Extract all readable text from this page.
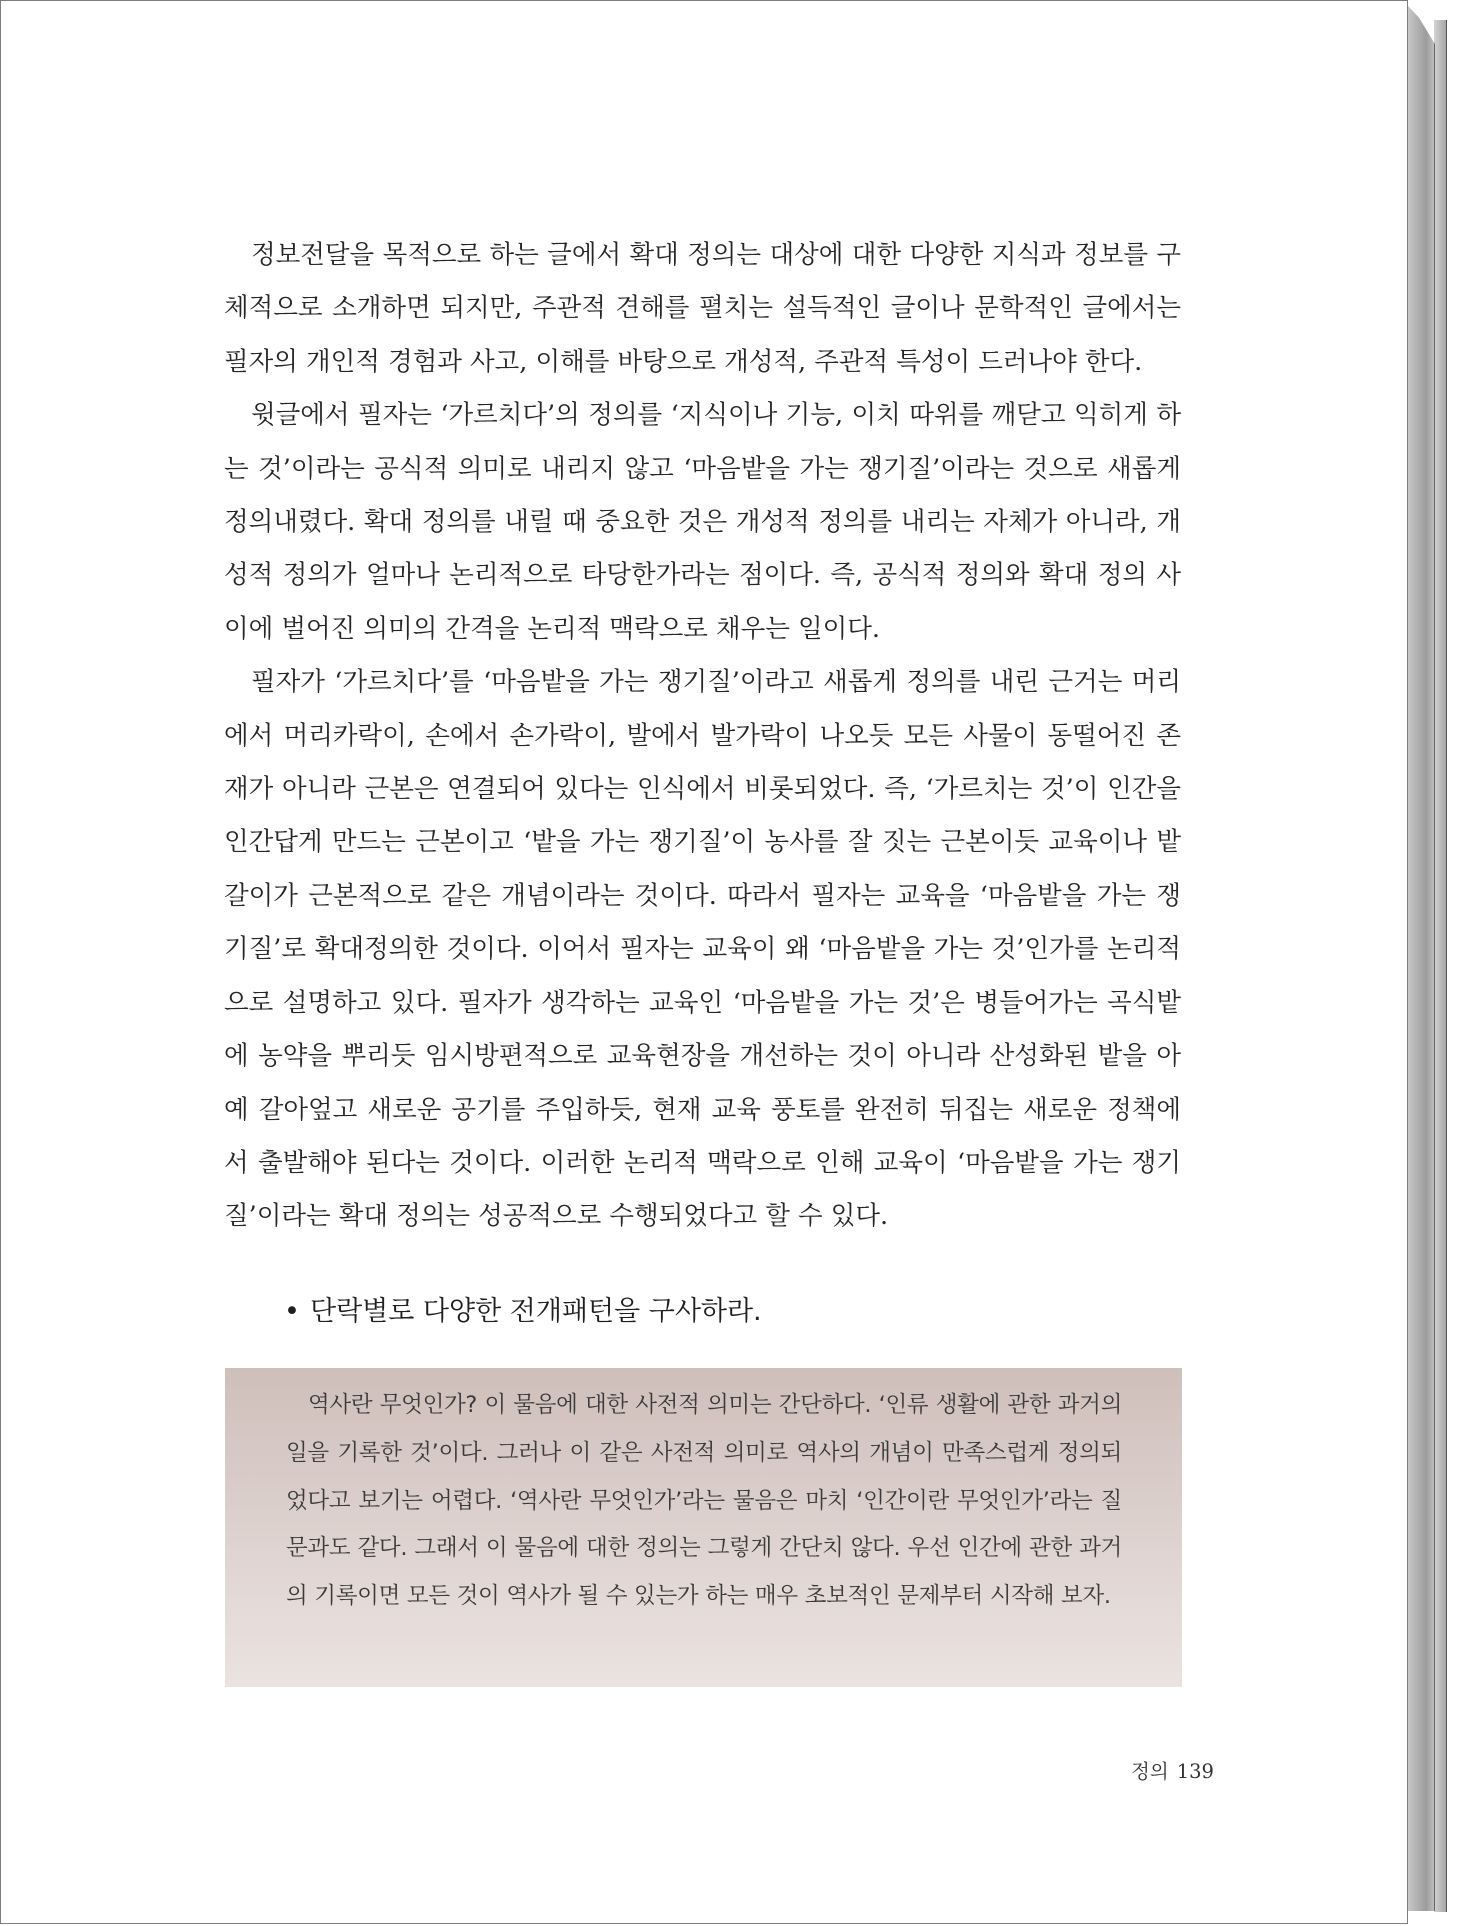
정보전달을 목적으로 하는 글에서 확대 정의는 대상에 대한 다양한 지식과 정보를 구체적으로 소개하면 되지만, 주관적 견해를 펼치는 설득적인 글이나 문학적인 글에서는 필자의 개인적 경험과 사고, 이해를 바탕으로 개성적, 주관적 특성이 드러나야 한다.

윗글에서 필자는 ‘가르치다’의 정의를 ‘지식이나 기능, 이치 따위를 깨닫고 익히게 하는 것’이라는 공식적 의미로 내리지 않고 ‘마음밭을 가는 쟁기질’이라는 것으로 새롭게 정의내렸다. 확대 정의를 내릴 때 중요한 것은 개성적 정의를 내리는 자체가 아니라, 개성적 정의가 얼마나 논리적으로 타당한가라는 점이다. 즉, 공식적 정의와 확대 정의 사이에 벌어진 의미의 간격을 논리적 맥락으로 채우는 일이다.

필자가 ‘가르치다’를 ‘마음밭을 가는 쟁기질’이라고 새롭게 정의를 내린 근거는 머리에서 머리카락이, 손에서 손가락이, 발에서 발가락이 나오듯 모든 사물이 동떨어진 존재가 아니라 근본은 연결되어 있다는 인식에서 비롯되었다. 즉, ‘가르치는 것’이 인간을 인간답게 만드는 근본이고 ‘밭을 가는 쟁기질’이 농사를 잘 짓는 근본이듯 교육이나 밭갈이가 근본적으로 같은 개념이라는 것이다. 따라서 필자는 교육을 ‘마음밭을 가는 쟁기질’로 확대정의한 것이다. 이어서 필자는 교육이 왜 ‘마음밭을 가는 것’인가를 논리적으로 설명하고 있다. 필자가 생각하는 교육인 ‘마음밭을 가는 것’은 병들어가는 곡식밭에 농약을 뿌리듯 임시방편적으로 교육현장을 개선하는 것이 아니라 산성화된 밭을 아예 갈아엎고 새로운 공기를 주입하듯, 현재 교육 풍토를 완전히 뒤집는 새로운 정책에서 출발해야 된다는 것이다. 이러한 논리적 맥락으로 인해 교육이 ‘마음밭을 가는 쟁기질’이라는 확대 정의는 성공적으로 수행되었다고 할 수 있다.

• 단락별로 다양한 전개패턴을 구사하라.

역사란 무엇인가? 이 물음에 대한 사전적 의미는 간단하다. ‘인류 생활에 관한 과거의 일을 기록한 것’이다. 그러나 이 같은 사전적 의미로 역사의 개념이 만족스럽게 정의되었다고 보기는 어렵다. ‘역사란 무엇인가’라는 물음은 마치 ‘인간이란 무엇인가’라는 질문과도 같다. 그래서 이 물음에 대한 정의는 그렇게 간단치 않다. 우선 인간에 관한 과거의 기록이면 모든 것이 역사가 될 수 있는가 하는 매우 초보적인 문제부터 시작해 보자.

정의 139
